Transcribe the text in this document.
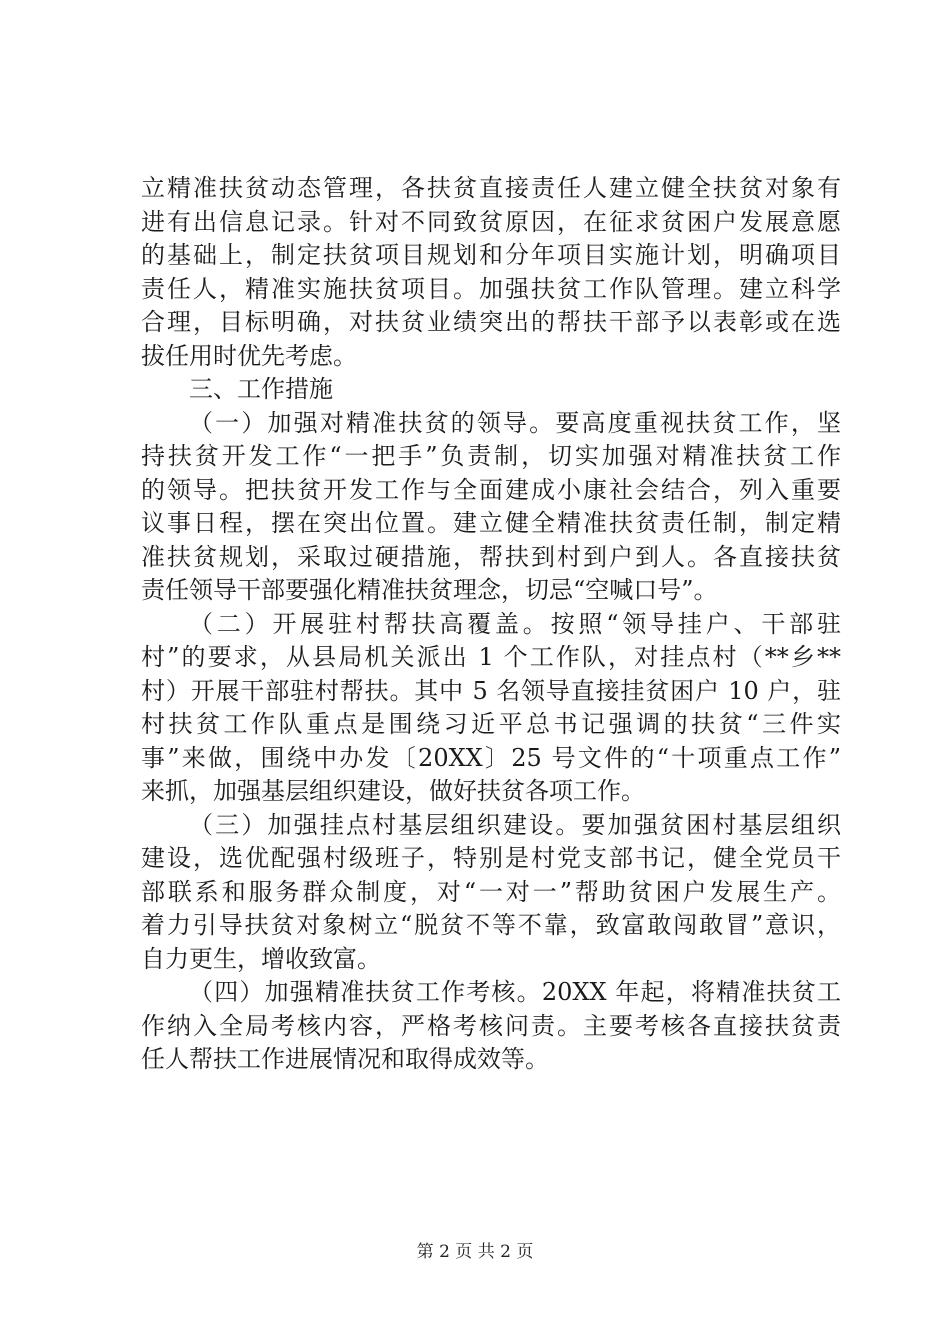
立精准扶贫动态管理，各扶贫直接责任人建立健全扶贫对象有
进有出信息记录。针对不同致贫原因，在征求贫困户发展意愿
的基础上，制定扶贫项目规划和分年项目实施计划，明确项目
责任人，精准实施扶贫项目。加强扶贫工作队管理。建立科学
合理，目标明确，对扶贫业绩突出的帮扶干部予以表彰或在选
拔任用时优先考虑。
三、工作措施
（一）加强对精准扶贫的领导。要高度重视扶贫工作，坚
持扶贫开发工作“一把手”负责制，切实加强对精准扶贫工作
的领导。把扶贫开发工作与全面建成小康社会结合，列入重要
议事日程，摆在突出位置。建立健全精准扶贫责任制，制定精
准扶贫规划，采取过硬措施，帮扶到村到户到人。各直接扶贫
责任领导干部要强化精准扶贫理念，切忌“空喊口号”。
（二）开展驻村帮扶高覆盖。按照“领导挂户、干部驻
村”的要求，从县局机关派出 1 个工作队，对挂点村（**乡**
村）开展干部驻村帮扶。其中 5 名领导直接挂贫困户 10 户，驻
村扶贫工作队重点是围绕习近平总书记强调的扶贫“三件实
事”来做，围绕中办发〔20XX〕25 号文件的“十项重点工作”
来抓，加强基层组织建设，做好扶贫各项工作。
（三）加强挂点村基层组织建设。要加强贫困村基层组织
建设，选优配强村级班子，特别是村党支部书记，健全党员干
部联系和服务群众制度，对“一对一”帮助贫困户发展生产。
着力引导扶贫对象树立“脱贫不等不靠，致富敢闯敢冒”意识，
自力更生，增收致富。
（四）加强精准扶贫工作考核。20XX 年起，将精准扶贫工
作纳入全局考核内容，严格考核问责。主要考核各直接扶贫责
任人帮扶工作进展情况和取得成效等。
第 2 页 共 2 页
